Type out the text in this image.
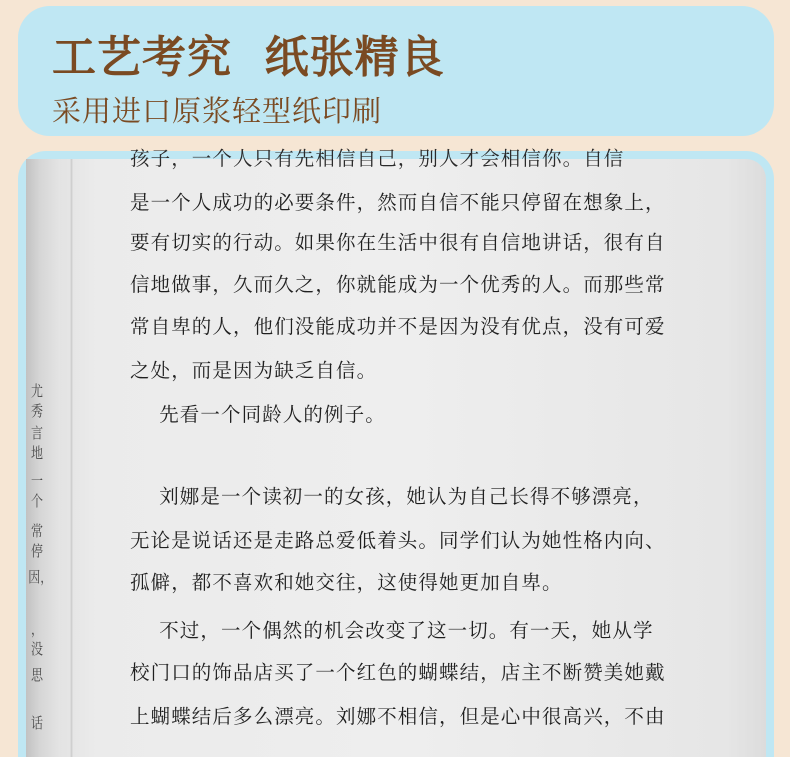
工艺考究  纸张精良
采用进口原浆轻型纸印刷
尤秀
言地
一个
常停
因，
，没
思
话
孩子，一个人只有先相信自己，别人才会相信你。自信
是一个人成功的必要条件，然而自信不能只停留在想象上，
要有切实的行动。如果你在生活中很有自信地讲话，很有自
信地做事，久而久之，你就能成为一个优秀的人。而那些常
常自卑的人，他们没能成功并不是因为没有优点，没有可爱
之处，而是因为缺乏自信。
先看一个同龄人的例子。
刘娜是一个读初一的女孩，她认为自己长得不够漂亮，
无论是说话还是走路总爱低着头。同学们认为她性格内向、
孤僻，都不喜欢和她交往，这使得她更加自卑。
不过，一个偶然的机会改变了这一切。有一天，她从学
校门口的饰品店买了一个红色的蝴蝶结，店主不断赞美她戴
上蝴蝶结后多么漂亮。刘娜不相信，但是心中很高兴，不由
